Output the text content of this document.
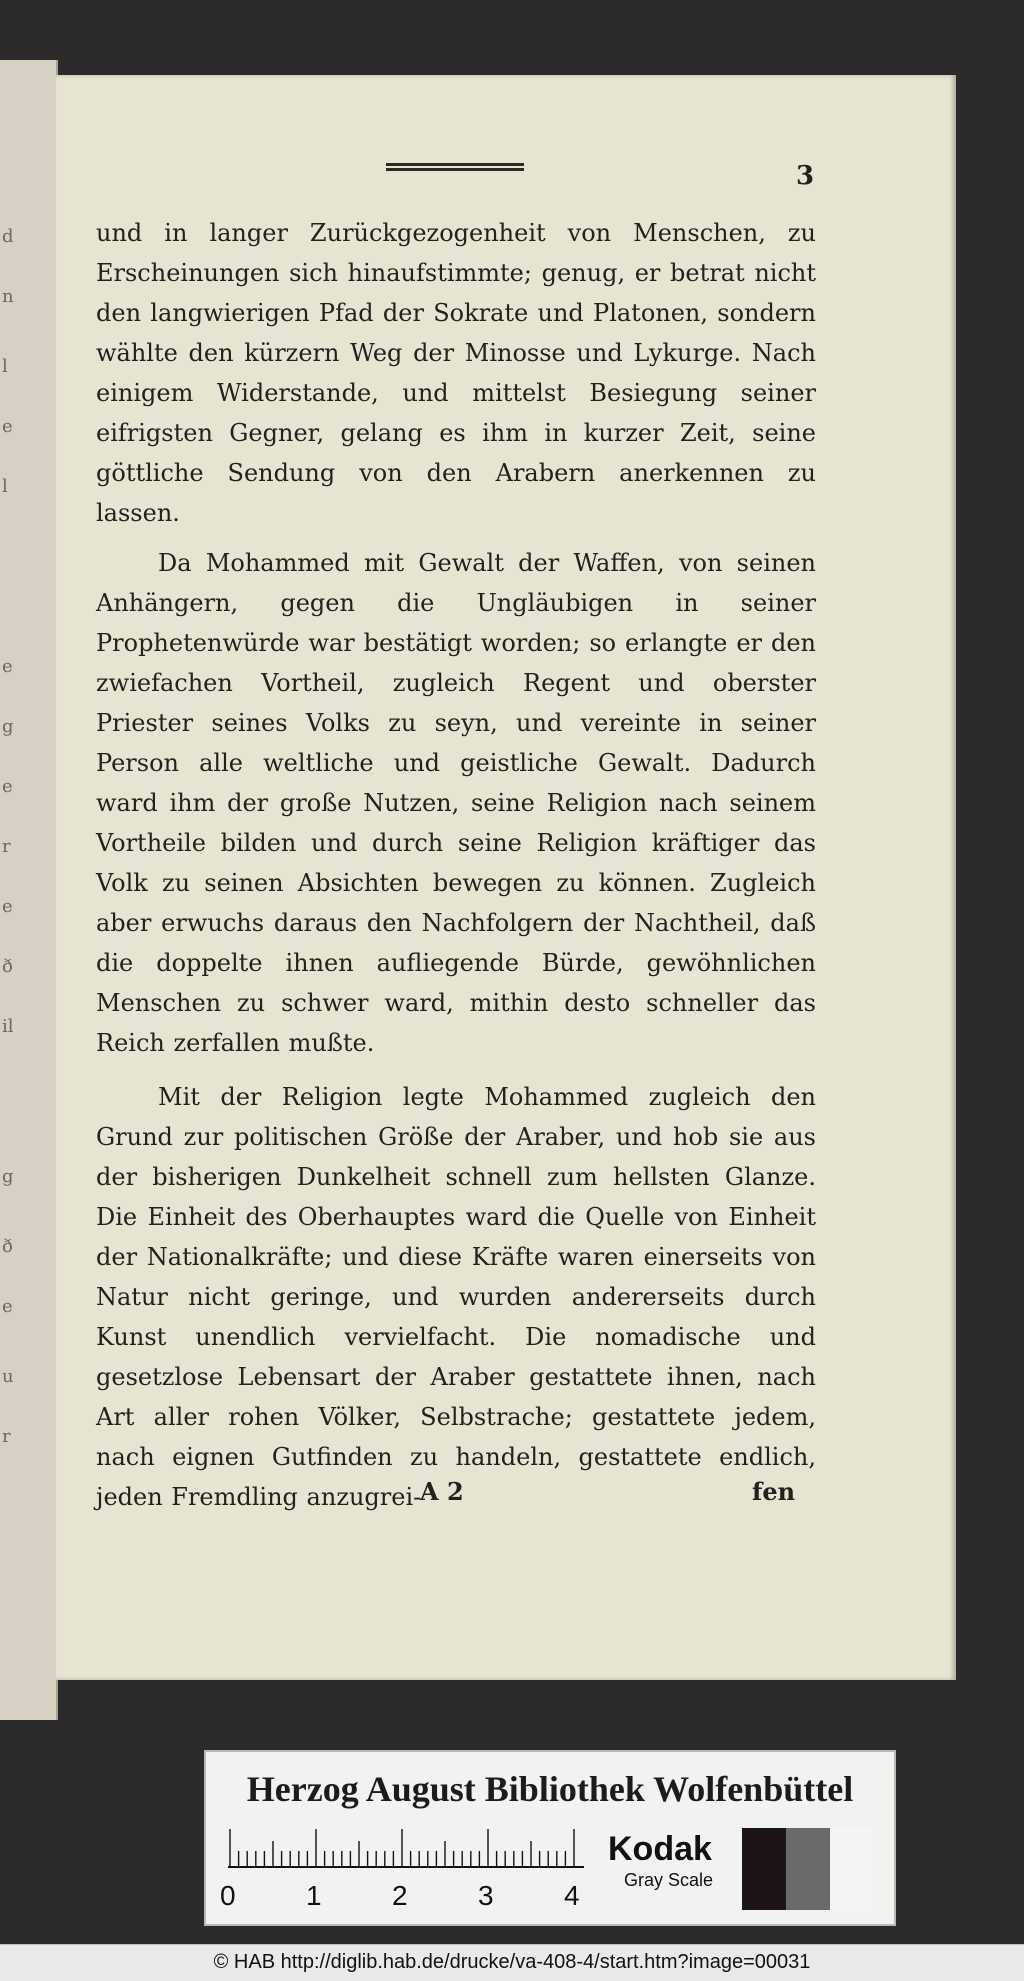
d
n
l
e
l
e
g
e
r
e
ð
il
g
ð
e
u
r
3

und in langer Zurückgezogenheit von Menschen, zu Erscheinungen sich hinaufstimmte; genug, er betrat nicht den langwierigen Pfad der Sokrate und Platonen, sondern wählte den kürzern Weg der Minosse und Lykurge. Nach einigem Widerstande, und mittelst Besiegung seiner eifrigsten Gegner, gelang es ihm in kurzer Zeit, seine göttliche Sendung von den Arabern anerkennen zu lassen.

Da Mohammed mit Gewalt der Waffen, von seinen Anhängern, gegen die Ungläubigen in seiner Prophetenwürde war bestätigt worden; so erlangte er den zwiefachen Vortheil, zugleich Regent und oberster Priester seines Volks zu seyn, und vereinte in seiner Person alle weltliche und geistliche Gewalt. Dadurch ward ihm der große Nutzen, seine Religion nach seinem Vortheile bilden und durch seine Religion kräftiger das Volk zu seinen Absichten bewegen zu können. Zugleich aber erwuchs daraus den Nachfolgern der Nachtheil, daß die doppelte ihnen aufliegende Bürde, gewöhnlichen Menschen zu schwer ward, mithin desto schneller das Reich zerfallen mußte.

Mit der Religion legte Mohammed zugleich den Grund zur politischen Größe der Araber, und hob sie aus der bisherigen Dunkelheit schnell zum hellsten Glanze. Die Einheit des Oberhauptes ward die Quelle von Einheit der Nationalkräfte; und diese Kräfte waren einerseits von Natur nicht geringe, und wurden andererseits durch Kunst unendlich vervielfacht. Die nomadische und gesetzlose Lebensart der Araber gestattete ihnen, nach Art aller rohen Völker, Selbstrache; gestattete jedem, nach eignen Gutfinden zu handeln, gestattete endlich, jeden Fremdling anzugrei-

A 2	fen
Herzog August Bibliothek Wolfenbüttel
0	1	2	3	4
Kodak
Gray Scale
© HAB http://diglib.hab.de/drucke/va-408-4/start.htm?image=00031
